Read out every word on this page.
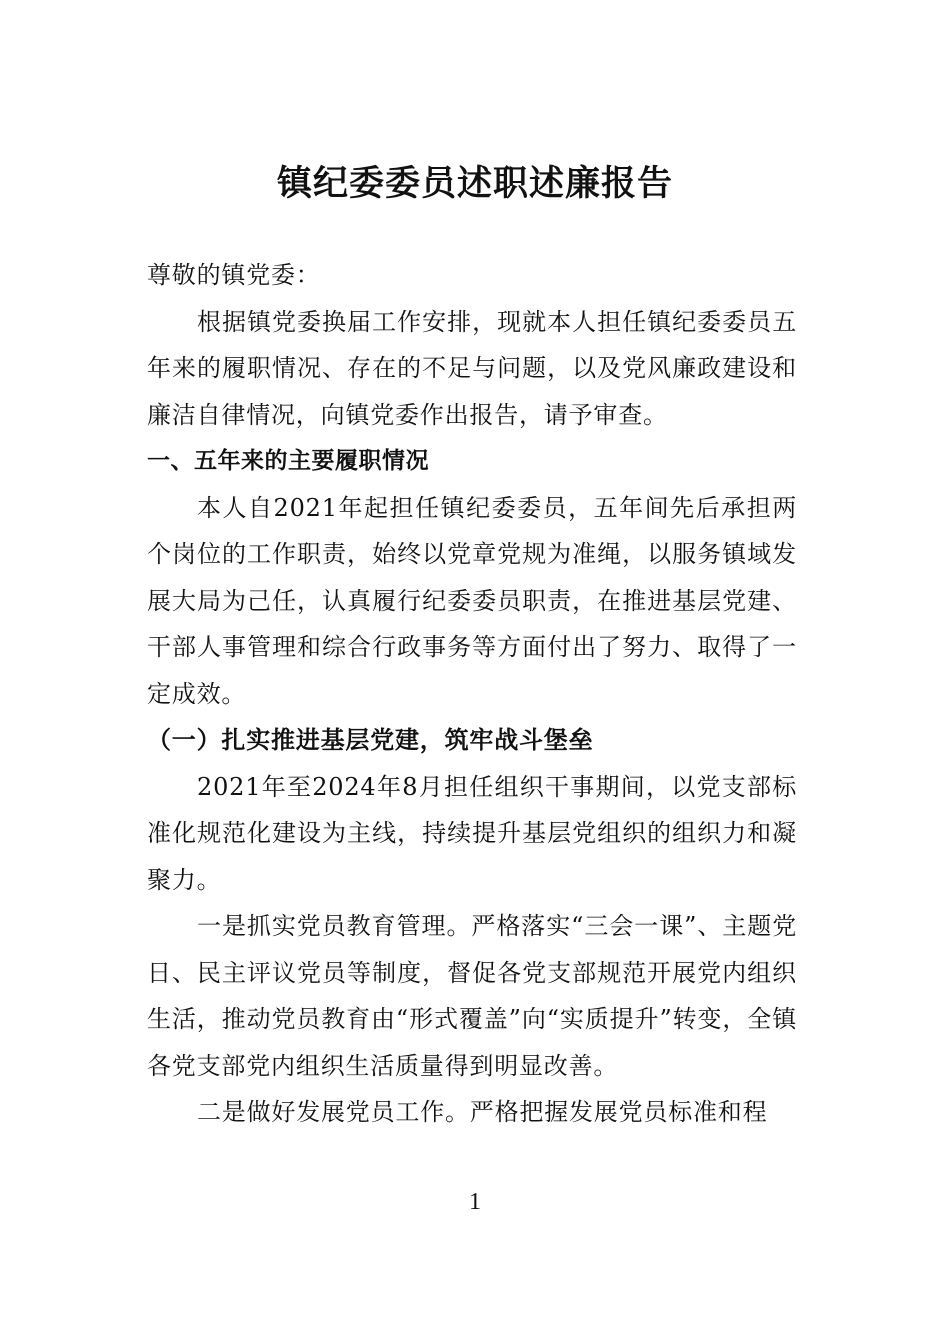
镇纪委委员述职述廉报告

尊敬的镇党委：

根据镇党委换届工作安排，现就本人担任镇纪委委员五年来的履职情况、存在的不足与问题，以及党风廉政建设和廉洁自律情况，向镇党委作出报告，请予审查。

一、五年来的主要履职情况

本人自2021年起担任镇纪委委员，五年间先后承担两个岗位的工作职责，始终以党章党规为准绳，以服务镇域发展大局为己任，认真履行纪委委员职责，在推进基层党建、干部人事管理和综合行政事务等方面付出了努力、取得了一定成效。

（一）扎实推进基层党建，筑牢战斗堡垒

2021年至2024年8月担任组织干事期间，以党支部标准化规范化建设为主线，持续提升基层党组织的组织力和凝聚力。

一是抓实党员教育管理。严格落实“三会一课”、主题党日、民主评议党员等制度，督促各党支部规范开展党内组织生活，推动党员教育由“形式覆盖”向“实质提升”转变，全镇各党支部党内组织生活质量得到明显改善。

二是做好发展党员工作。严格把握发展党员标准和程

1
